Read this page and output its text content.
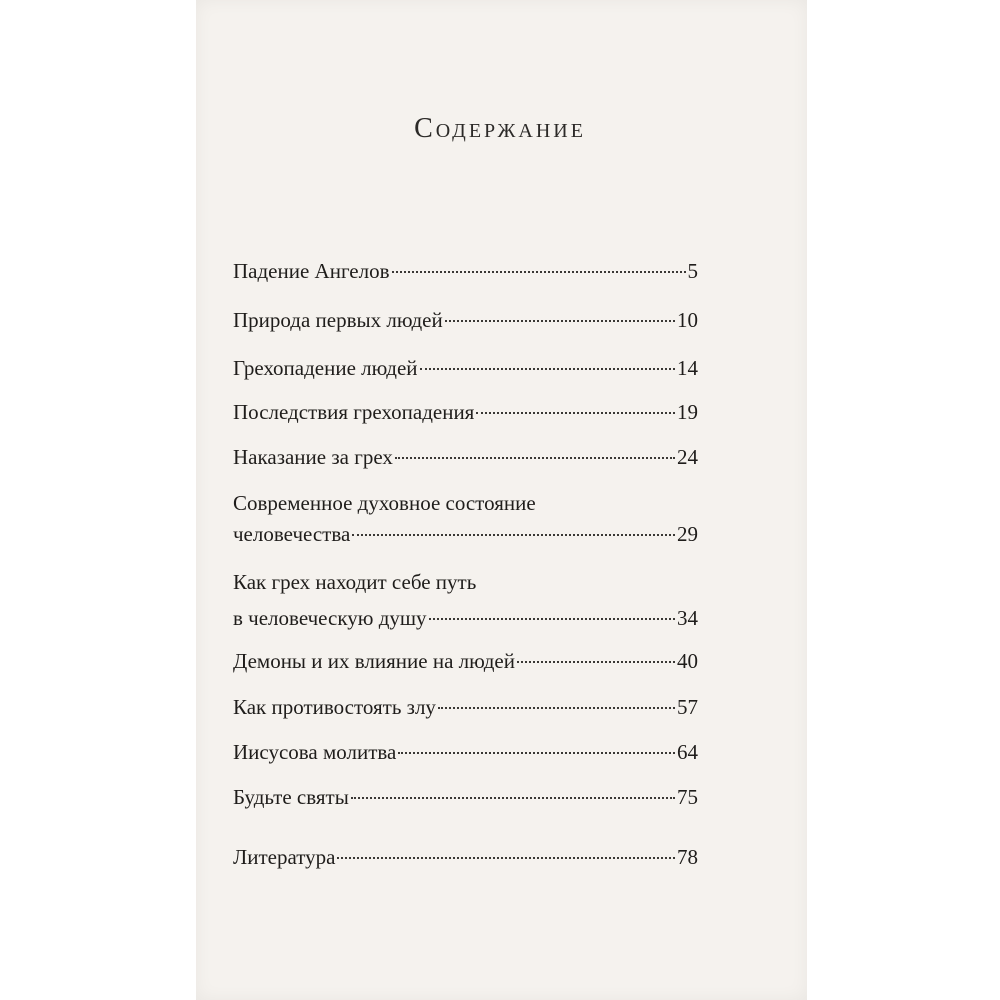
Содержание
Падение Ангелов	5
Природа первых людей	10
Грехопадение людей	14
Последствия грехопадения	19
Наказание за грех	24
Современное духовное состояние
человечества	29
Как грех находит себе путь
в человеческую душу	34
Демоны и их влияние на людей	40
Как противостоять злу	57
Иисусова молитва	64
Будьте святы	75
Литература	78
